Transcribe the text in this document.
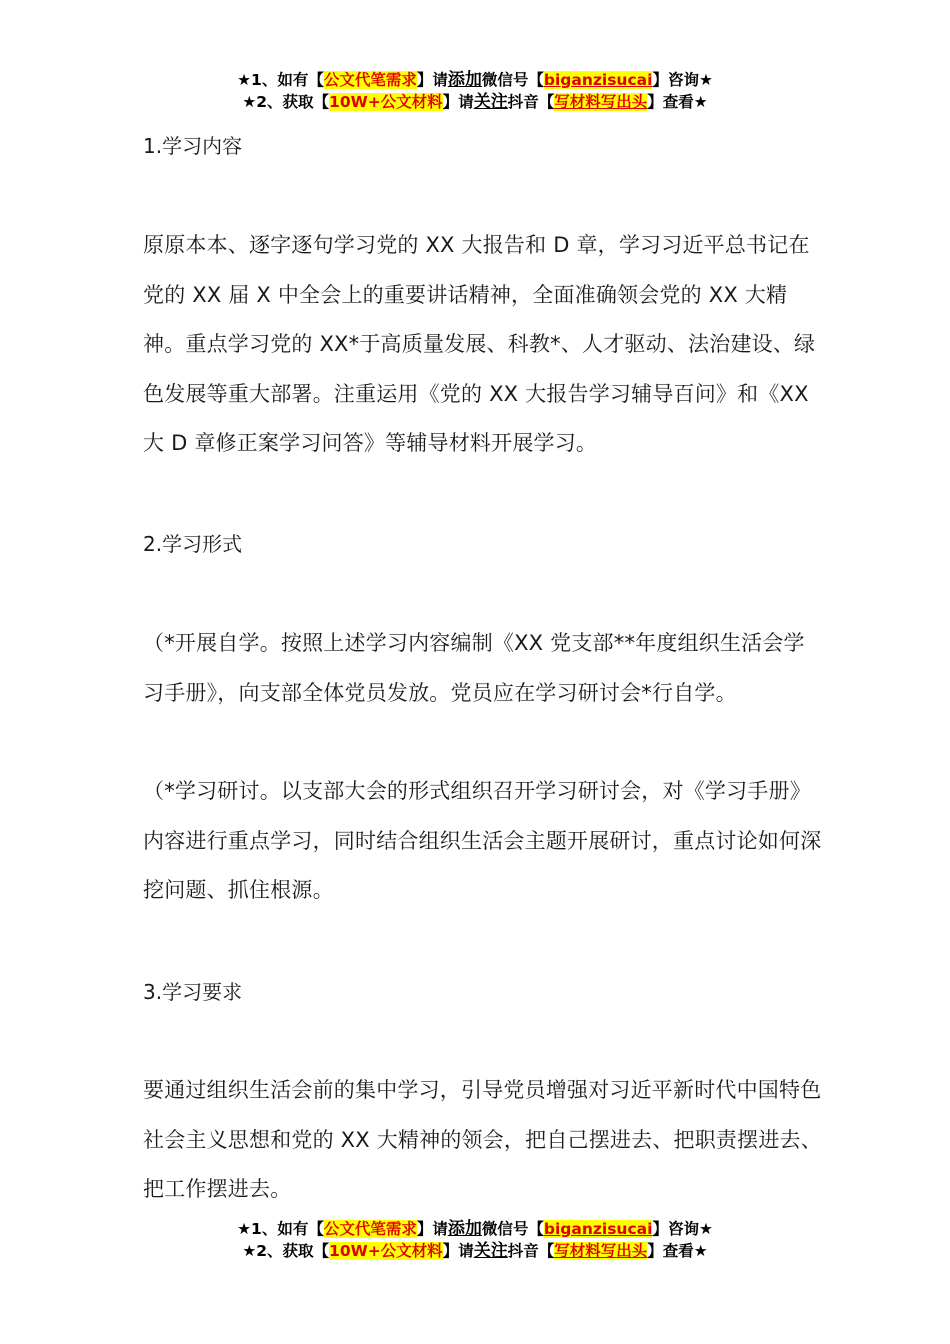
★1、如有【公文代笔需求】请添加微信号【biganzisucai】咨询★
★2、获取【10W+公文材料】请关注抖音【写材料写出头】查看★
1.学习内容
原原本本、逐字逐句学习党的 XX 大报告和 D 章，学习习近平总书记在党的 XX 届 X 中全会上的重要讲话精神，全面准确领会党的 XX 大精神。重点学习党的 XX*于高质量发展、科教*、人才驱动、法治建设、绿色发展等重大部署。注重运用《党的 XX 大报告学习辅导百问》和《XX 大 D 章修正案学习问答》等辅导材料开展学习。
2.学习形式
（*开展自学。按照上述学习内容编制《XX 党支部**年度组织生活会学习手册》，向支部全体党员发放。党员应在学习研讨会*行自学。
（*学习研讨。以支部大会的形式组织召开学习研讨会，对《学习手册》内容进行重点学习，同时结合组织生活会主题开展研讨，重点讨论如何深挖问题、抓住根源。
3.学习要求
要通过组织生活会前的集中学习，引导党员增强对习近平新时代中国特色社会主义思想和党的 XX 大精神的领会，把自己摆进去、把职责摆进去、把工作摆进去。
★1、如有【公文代笔需求】请添加微信号【biganzisucai】咨询★
★2、获取【10W+公文材料】请关注抖音【写材料写出头】查看★
